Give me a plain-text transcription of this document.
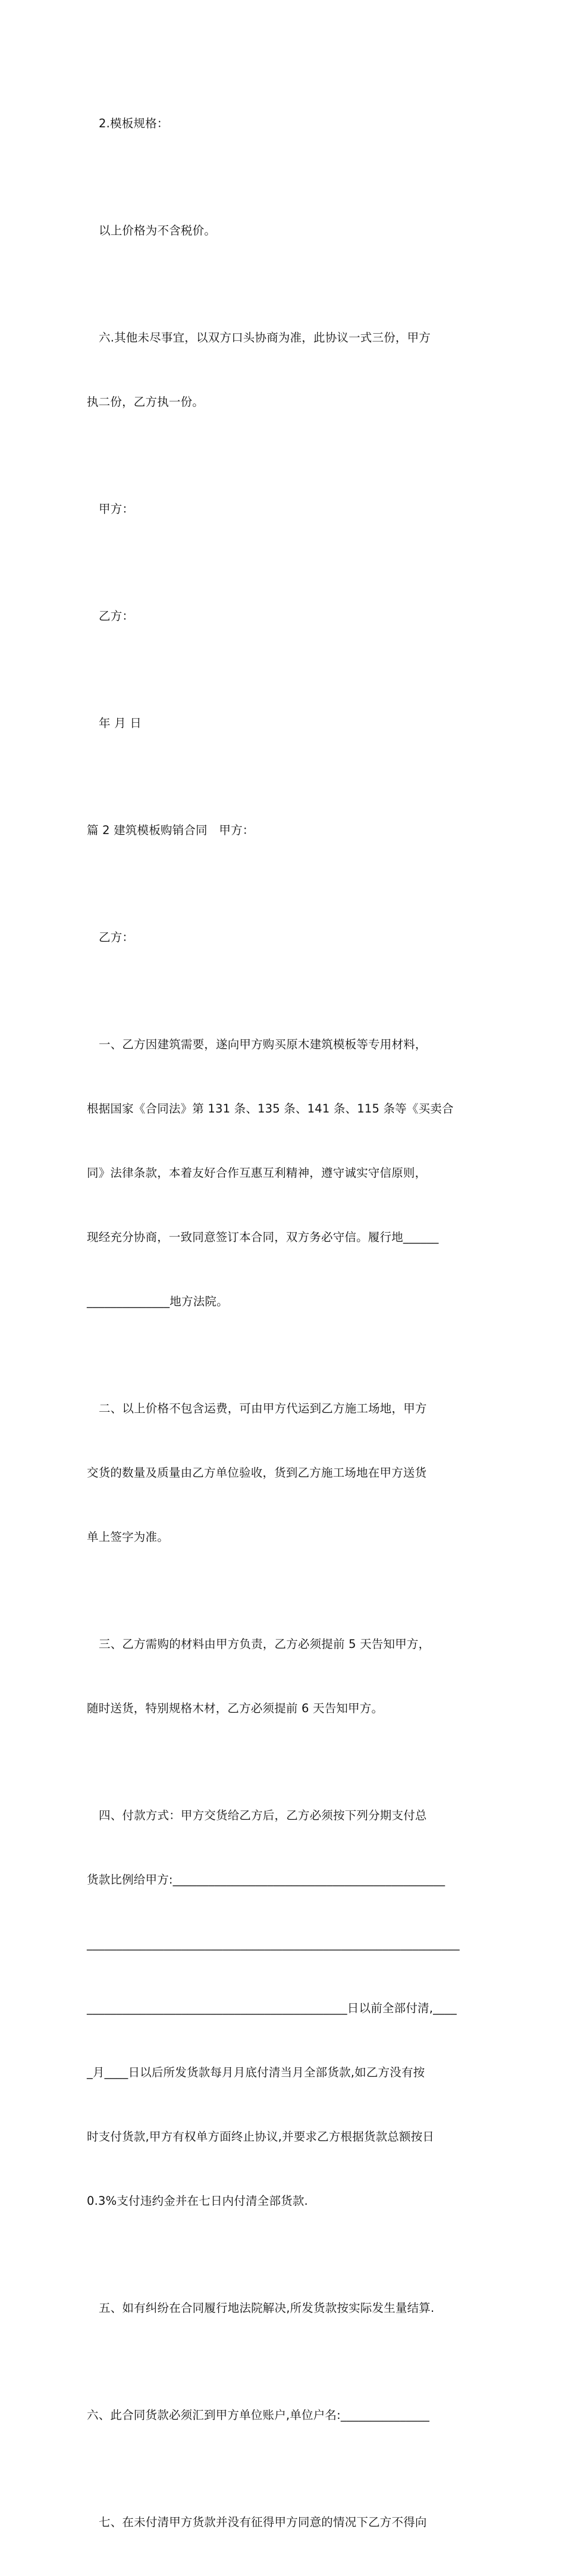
2.模板规格：

以上价格为不含税价。

六.其他未尽事宜，以双方口头协商为准，此协议一式三份，甲方

执二份，乙方执一份。

甲方：

乙方：

年 月 日

篇 2 建筑模板购销合同　甲方：

乙方：

一、乙方因建筑需要，遂向甲方购买原木建筑模板等专用材料，

根据国家《合同法》第 131 条、135 条、141 条、115 条等《买卖合

同》法律条款，本着友好合作互惠互利精神，遵守诚实守信原则，

现经充分协商，一致同意签订本合同，双方务必守信。履行地______

______________地方法院。

二、以上价格不包含运费，可由甲方代运到乙方施工场地，甲方

交货的数量及质量由乙方单位验收，货到乙方施工场地在甲方送货

单上签字为准。

三、乙方需购的材料由甲方负责，乙方必须提前 5 天告知甲方，

随时送货，特别规格木材，乙方必须提前 6 天告知甲方。

四、付款方式：甲方交货给乙方后，乙方必须按下列分期支付总

货款比例给甲方:______________________________________________

_______________________________________________________________

____________________________________________日以前全部付清,____

_月____日以后所发货款每月月底付清当月全部货款,如乙方没有按

时支付货款,甲方有权单方面终止协议,并要求乙方根据货款总额按日

0.3%支付违约金并在七日内付清全部货款.

五、如有纠纷在合同履行地法院解决,所发货款按实际发生量结算.

六、此合同货款必须汇到甲方单位账户,单位户名:_______________

七、在未付清甲方货款并没有征得甲方同意的情况下乙方不得向
